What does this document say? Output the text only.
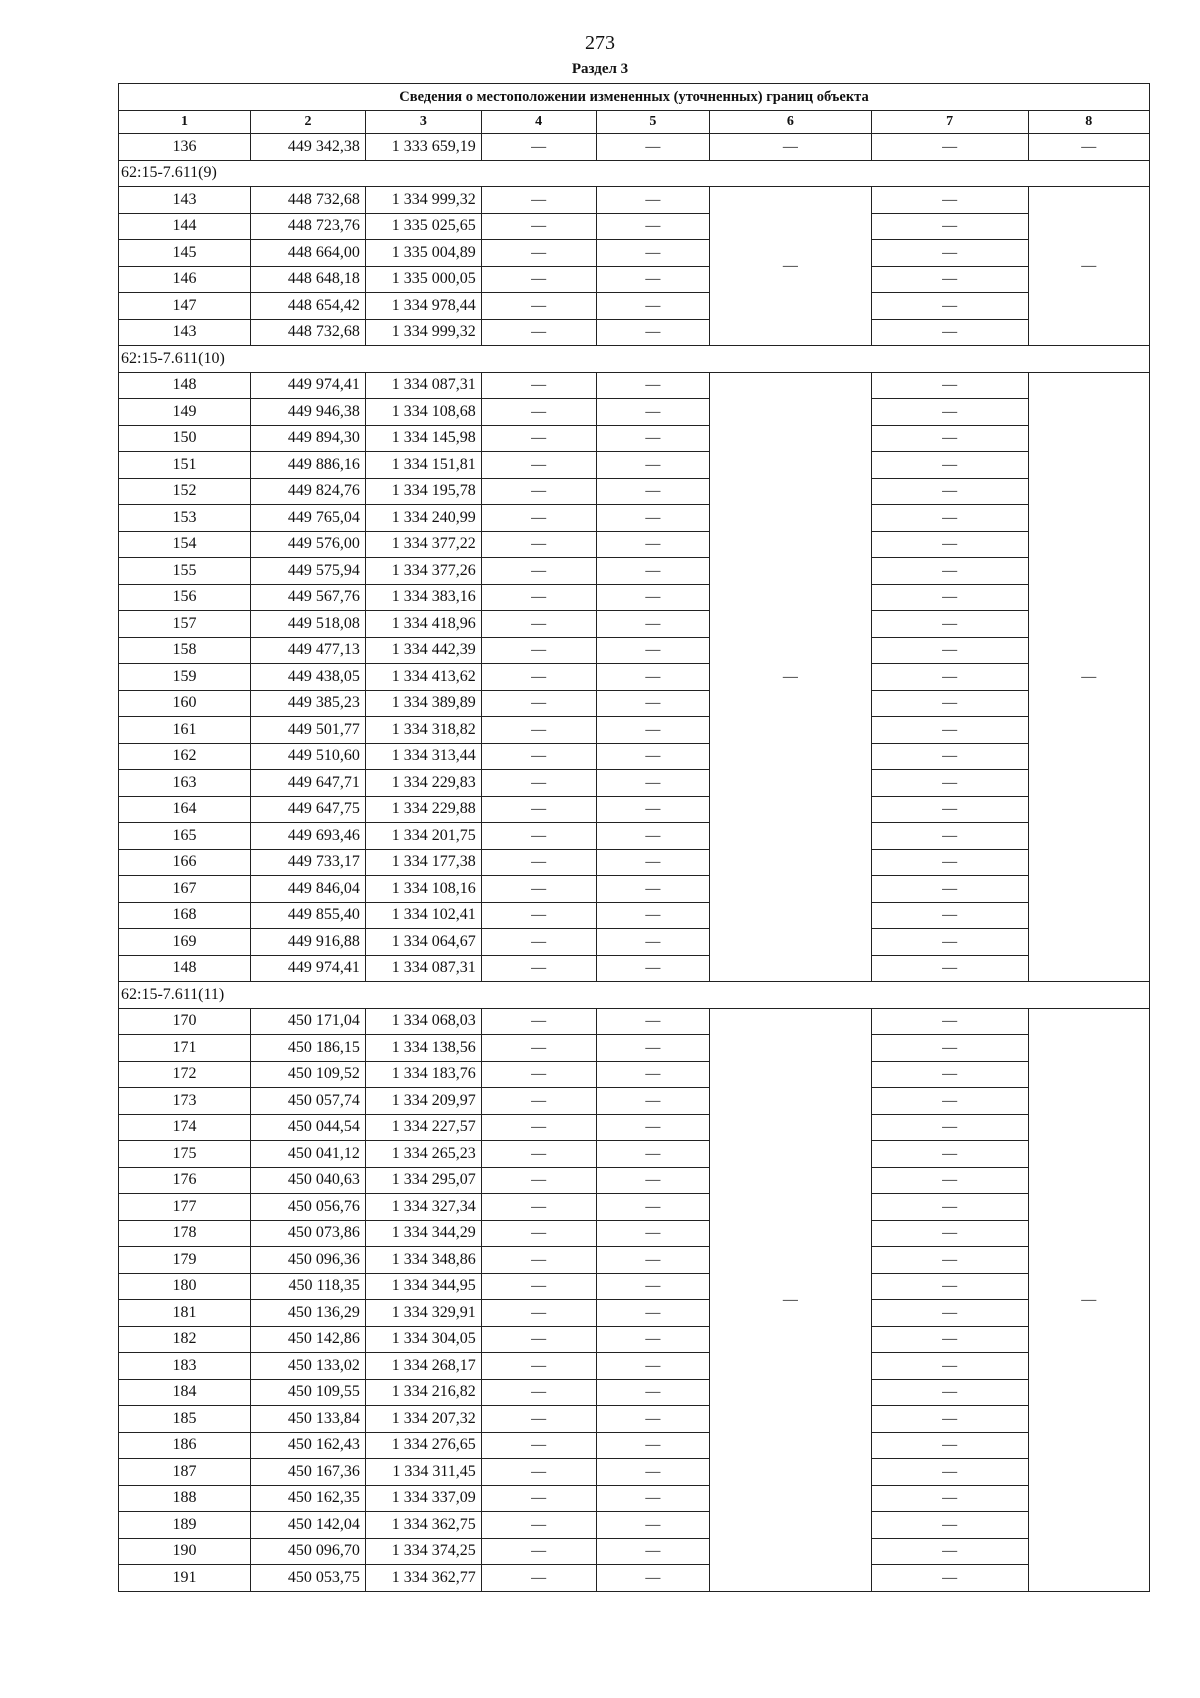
273
Раздел 3
Сведения о местоположении измененных (уточненных) границ объекта							
1	2	3	4	5	6	7	8
136	449 342,38	1 333 659,19	—	—	—	—	—
62:15-7.611(9)							
143	448 732,68	1 334 999,32	—	—	—	—	—
144	448 723,76	1 335 025,65	—	—		—	
145	448 664,00	1 335 004,89	—	—		—	
146	448 648,18	1 335 000,05	—	—		—	
147	448 654,42	1 334 978,44	—	—		—	
143	448 732,68	1 334 999,32	—	—		—	
62:15-7.611(10)							
148	449 974,41	1 334 087,31	—	—	—	—	—
149	449 946,38	1 334 108,68	—	—		—	
150	449 894,30	1 334 145,98	—	—		—	
151	449 886,16	1 334 151,81	—	—		—	
152	449 824,76	1 334 195,78	—	—		—	
153	449 765,04	1 334 240,99	—	—		—	
154	449 576,00	1 334 377,22	—	—		—	
155	449 575,94	1 334 377,26	—	—		—	
156	449 567,76	1 334 383,16	—	—		—	
157	449 518,08	1 334 418,96	—	—		—	
158	449 477,13	1 334 442,39	—	—		—	
159	449 438,05	1 334 413,62	—	—		—	
160	449 385,23	1 334 389,89	—	—		—	
161	449 501,77	1 334 318,82	—	—		—	
162	449 510,60	1 334 313,44	—	—		—	
163	449 647,71	1 334 229,83	—	—		—	
164	449 647,75	1 334 229,88	—	—		—	
165	449 693,46	1 334 201,75	—	—		—	
166	449 733,17	1 334 177,38	—	—		—	
167	449 846,04	1 334 108,16	—	—		—	
168	449 855,40	1 334 102,41	—	—		—	
169	449 916,88	1 334 064,67	—	—		—	
148	449 974,41	1 334 087,31	—	—		—	
62:15-7.611(11)							
170	450 171,04	1 334 068,03	—	—	—	—	—
171	450 186,15	1 334 138,56	—	—		—	
172	450 109,52	1 334 183,76	—	—		—	
173	450 057,74	1 334 209,97	—	—		—	
174	450 044,54	1 334 227,57	—	—		—	
175	450 041,12	1 334 265,23	—	—		—	
176	450 040,63	1 334 295,07	—	—		—	
177	450 056,76	1 334 327,34	—	—		—	
178	450 073,86	1 334 344,29	—	—		—	
179	450 096,36	1 334 348,86	—	—		—	
180	450 118,35	1 334 344,95	—	—		—	
181	450 136,29	1 334 329,91	—	—		—	
182	450 142,86	1 334 304,05	—	—		—	
183	450 133,02	1 334 268,17	—	—		—	
184	450 109,55	1 334 216,82	—	—		—	
185	450 133,84	1 334 207,32	—	—		—	
186	450 162,43	1 334 276,65	—	—		—	
187	450 167,36	1 334 311,45	—	—		—	
188	450 162,35	1 334 337,09	—	—		—	
189	450 142,04	1 334 362,75	—	—		—	
190	450 096,70	1 334 374,25	—	—		—	
191	450 053,75	1 334 362,77	—	—		—	
